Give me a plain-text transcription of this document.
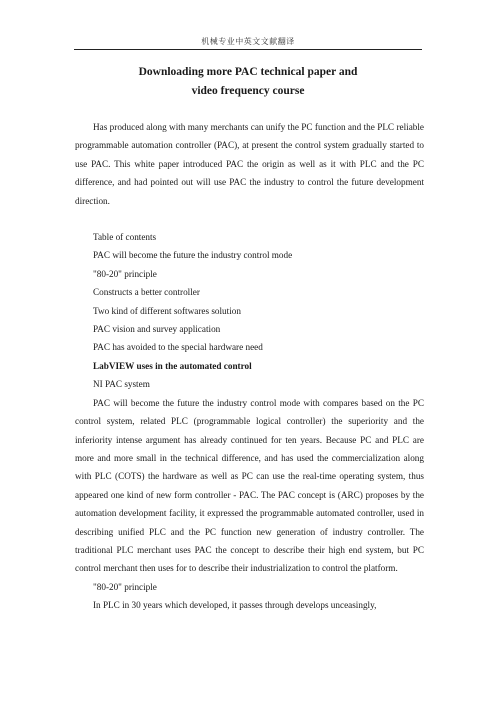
机械专业中英文文献翻译
Downloading more PAC technical paper and
video frequency course

Has produced along with many merchants can unify the PC function and the PLC reliable programmable automation controller (PAC), at present the control system gradually started to use PAC. This white paper introduced PAC the origin as well as it with PLC and the PC difference, and had pointed out will use PAC the industry to control the future development direction.

Table of contents

PAC will become the future the industry control mode

"80-20" principle

Constructs a better controller

Two kind of different softwares solution

PAC vision and survey application

PAC has avoided to the special hardware need

LabVIEW uses in the automated control

NI PAC system

PAC will become the future the industry control mode with compares based on the PC control system, related PLC (programmable logical controller) the superiority and the inferiority intense argument has already continued for ten years. Because PC and PLC are more and more small in the technical difference, and has used the commercialization along with PLC (COTS) the hardware as well as PC can use the real-time operating system, thus appeared one kind of new form controller - PAC. The PAC concept is (ARC) proposes by the automation development facility, it expressed the programmable automated controller, used in describing unified PLC and the PC function new generation of industry controller. The traditional PLC merchant uses PAC the concept to describe their high end system, but PC control merchant then uses for to describe their industrialization to control the platform.

"80-20" principle

In PLC in 30 years which developed, it passes through develops unceasingly,
